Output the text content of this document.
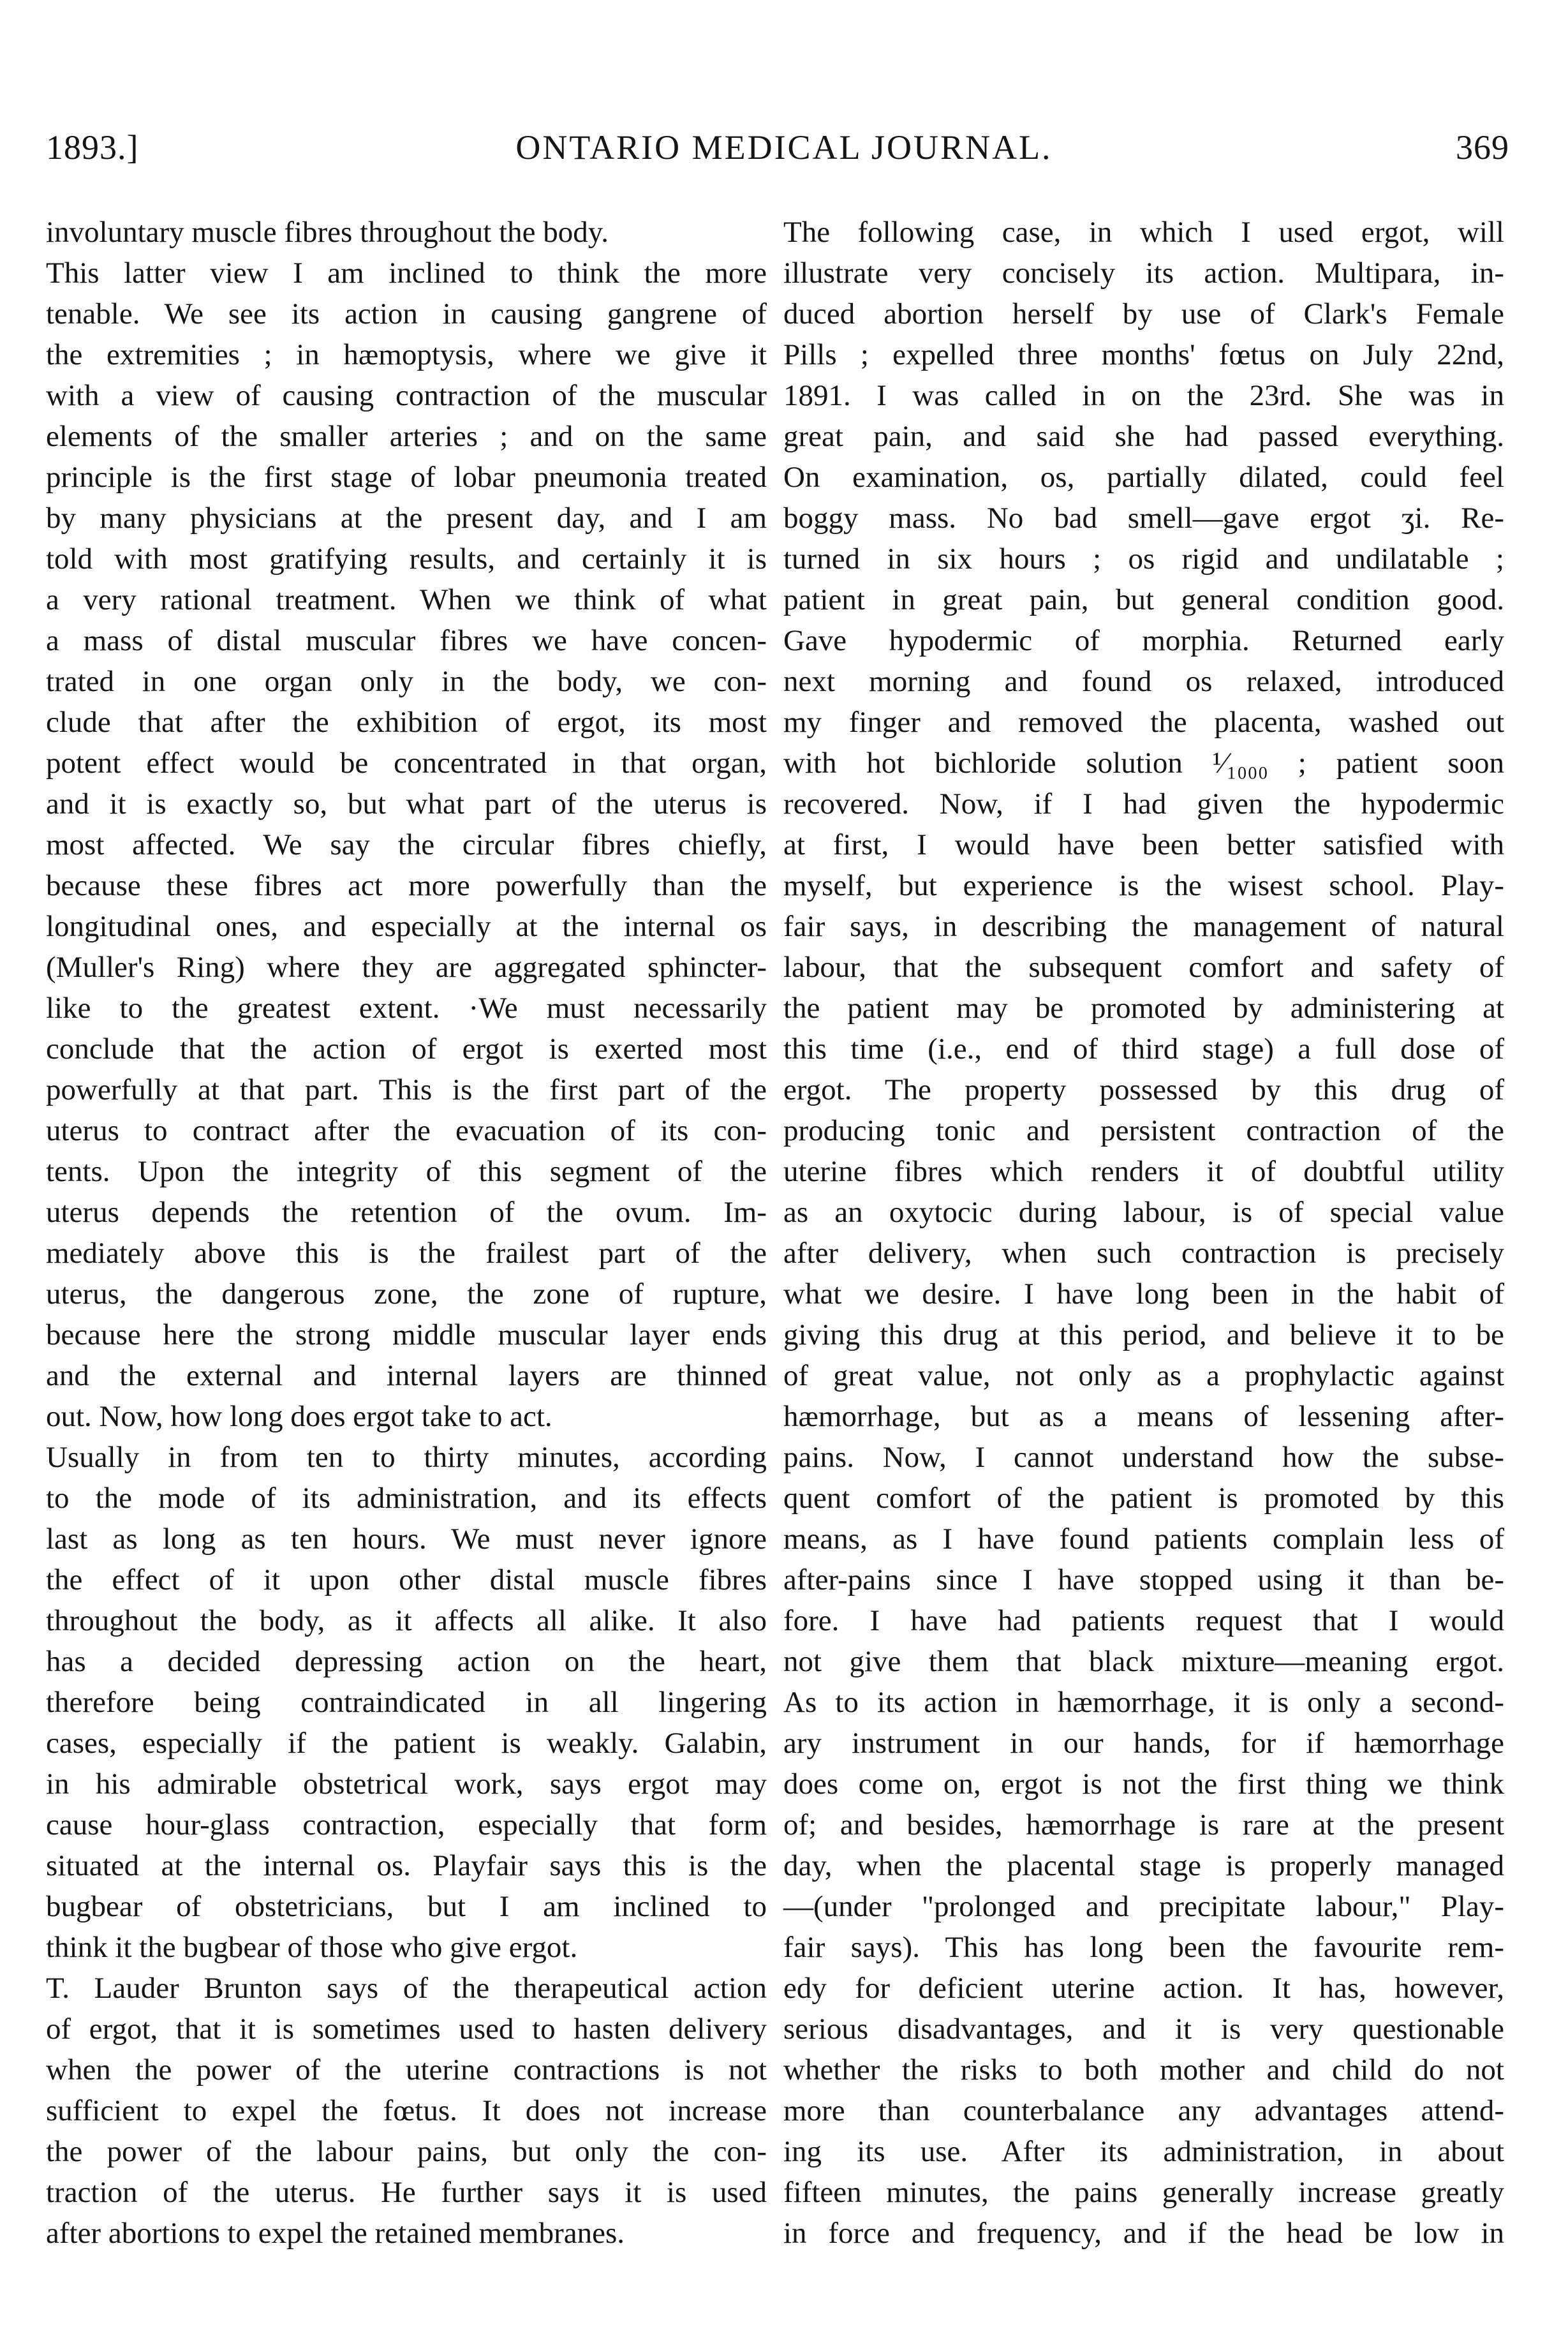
1893.]	ONTARIO MEDICAL JOURNAL.	369
involuntary muscle fibres throughout the body.
This latter view I am inclined to think the more
tenable. We see its action in causing gangrene of
the extremities ; in hæmoptysis, where we give it
with a view of causing contraction of the muscular
elements of the smaller arteries ; and on the same
principle is the first stage of lobar pneumonia treated
by many physicians at the present day, and I am
told with most gratifying results, and certainly it is
a very rational treatment. When we think of what
a mass of distal muscular fibres we have concen-
trated in one organ only in the body, we con-
clude that after the exhibition of ergot, its most
potent effect would be concentrated in that organ,
and it is exactly so, but what part of the uterus is
most affected. We say the circular fibres chiefly,
because these fibres act more powerfully than the
longitudinal ones, and especially at the internal os
(Muller's Ring) where they are aggregated sphincter-
like to the greatest extent. ·We must necessarily
conclude that the action of ergot is exerted most
powerfully at that part. This is the first part of the
uterus to contract after the evacuation of its con-
tents. Upon the integrity of this segment of the
uterus depends the retention of the ovum. Im-
mediately above this is the frailest part of the
uterus, the dangerous zone, the zone of rupture,
because here the strong middle muscular layer ends
and the external and internal layers are thinned
out. Now, how long does ergot take to act.
Usually in from ten to thirty minutes, according
to the mode of its administration, and its effects
last as long as ten hours. We must never ignore
the effect of it upon other distal muscle fibres
throughout the body, as it affects all alike. It also
has a decided depressing action on the heart,
therefore being contraindicated in all lingering
cases, especially if the patient is weakly. Galabin,
in his admirable obstetrical work, says ergot may
cause hour-glass contraction, especially that form
situated at the internal os. Playfair says this is the
bugbear of obstetricians, but I am inclined to
think it the bugbear of those who give ergot.
T. Lauder Brunton says of the therapeutical action
of ergot, that it is sometimes used to hasten delivery
when the power of the uterine contractions is not
sufficient to expel the fœtus. It does not increase
the power of the labour pains, but only the con-
traction of the uterus. He further says it is used
after abortions to expel the retained membranes.
The following case, in which I used ergot, will
illustrate very concisely its action. Multipara, in-
duced abortion herself by use of Clark's Female
Pills ; expelled three months' fœtus on July 22nd,
1891. I was called in on the 23rd. She was in
great pain, and said she had passed everything.
On examination, os, partially dilated, could feel
boggy mass. No bad smell—gave ergot ʒi. Re-
turned in six hours ; os rigid and undilatable ;
patient in great pain, but general condition good.
Gave hypodermic of morphia. Returned early
next morning and found os relaxed, introduced
my finger and removed the placenta, washed out
with hot bichloride solution ¹⁄₁₀₀₀ ; patient soon
recovered. Now, if I had given the hypodermic
at first, I would have been better satisfied with
myself, but experience is the wisest school. Play-
fair says, in describing the management of natural
labour, that the subsequent comfort and safety of
the patient may be promoted by administering at
this time (i.e., end of third stage) a full dose of
ergot. The property possessed by this drug of
producing tonic and persistent contraction of the
uterine fibres which renders it of doubtful utility
as an oxytocic during labour, is of special value
after delivery, when such contraction is precisely
what we desire. I have long been in the habit of
giving this drug at this period, and believe it to be
of great value, not only as a prophylactic against
hæmorrhage, but as a means of lessening after-
pains. Now, I cannot understand how the subse-
quent comfort of the patient is promoted by this
means, as I have found patients complain less of
after-pains since I have stopped using it than be-
fore. I have had patients request that I would
not give them that black mixture—meaning ergot.
As to its action in hæmorrhage, it is only a second-
ary instrument in our hands, for if hæmorrhage
does come on, ergot is not the first thing we think
of; and besides, hæmorrhage is rare at the present
day, when the placental stage is properly managed
—(under "prolonged and precipitate labour," Play-
fair says). This has long been the favourite rem-
edy for deficient uterine action. It has, however,
serious disadvantages, and it is very questionable
whether the risks to both mother and child do not
more than counterbalance any advantages attend-
ing its use. After its administration, in about
fifteen minutes, the pains generally increase greatly
in force and frequency, and if the head be low in
